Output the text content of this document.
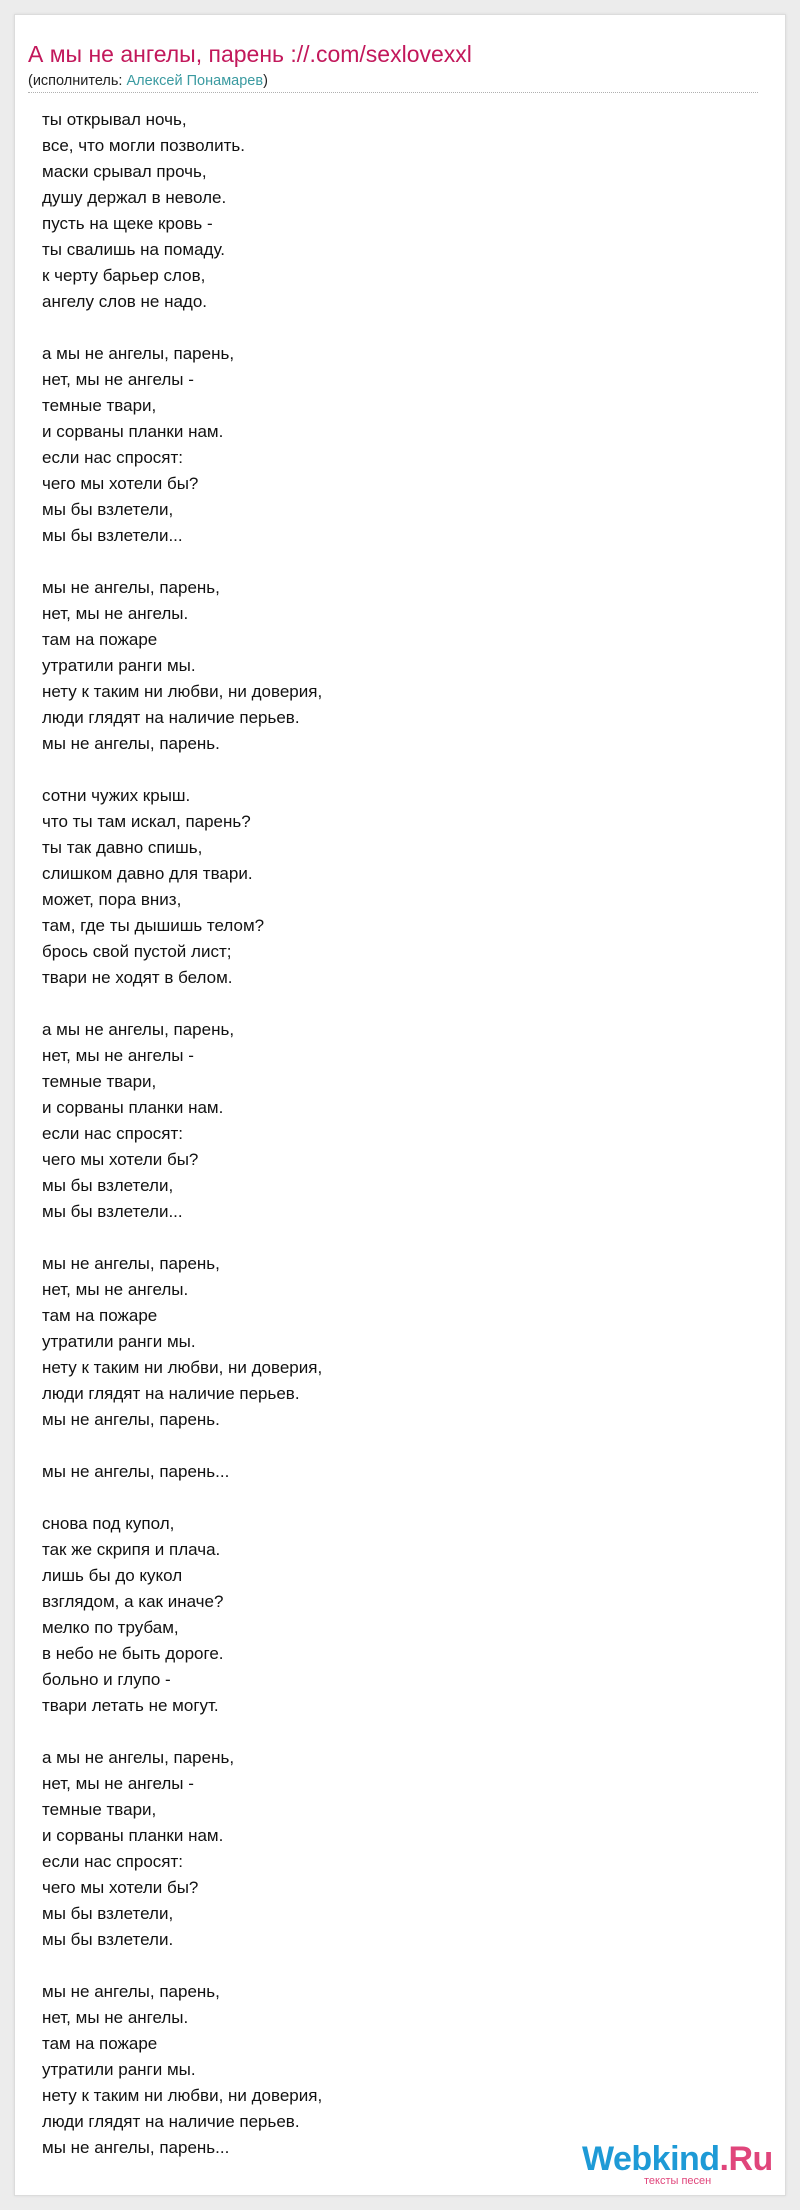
А мы не ангелы, парень ://.com/sexlovexxl
(исполнитель: Алексей Понамарев)
ты открывал ночь,
все, что могли позволить.
маски срывал прочь,
душу держал в неволе.
пусть на щеке кровь -
ты свалишь на помаду.
к черту барьер слов,
ангелу слов не надо.
а мы не ангелы, парень,
нет, мы не ангелы -
темные твари,
и сорваны планки нам.
если нас спросят:
чего мы хотели бы?
мы бы взлетели,
мы бы взлетели...
мы не ангелы, парень,
нет, мы не ангелы.
там на пожаре
утратили ранги мы.
нету к таким ни любви, ни доверия,
люди глядят на наличие перьев.
мы не ангелы, парень.
сотни чужих крыш.
что ты там искал, парень?
ты так давно спишь,
слишком давно для твари.
может, пора вниз,
там, где ты дышишь телом?
брось свой пустой лист;
твари не ходят в белом.
а мы не ангелы, парень,
нет, мы не ангелы -
темные твари,
и сорваны планки нам.
если нас спросят:
чего мы хотели бы?
мы бы взлетели,
мы бы взлетели...
мы не ангелы, парень,
нет, мы не ангелы.
там на пожаре
утратили ранги мы.
нету к таким ни любви, ни доверия,
люди глядят на наличие перьев.
мы не ангелы, парень.
мы не ангелы, парень...
снова под купол,
так же скрипя и плача.
лишь бы до кукол
взглядом, а как иначе?
мелко по трубам,
в небо не быть дороге.
больно и глупо -
твари летать не могут.
а мы не ангелы, парень,
нет, мы не ангелы -
темные твари,
и сорваны планки нам.
если нас спросят:
чего мы хотели бы?
мы бы взлетели,
мы бы взлетели.
мы не ангелы, парень,
нет, мы не ангелы.
там на пожаре
утратили ранги мы.
нету к таким ни любви, ни доверия,
люди глядят на наличие перьев.
мы не ангелы, парень...	Webkind.Ru
тексты песен
